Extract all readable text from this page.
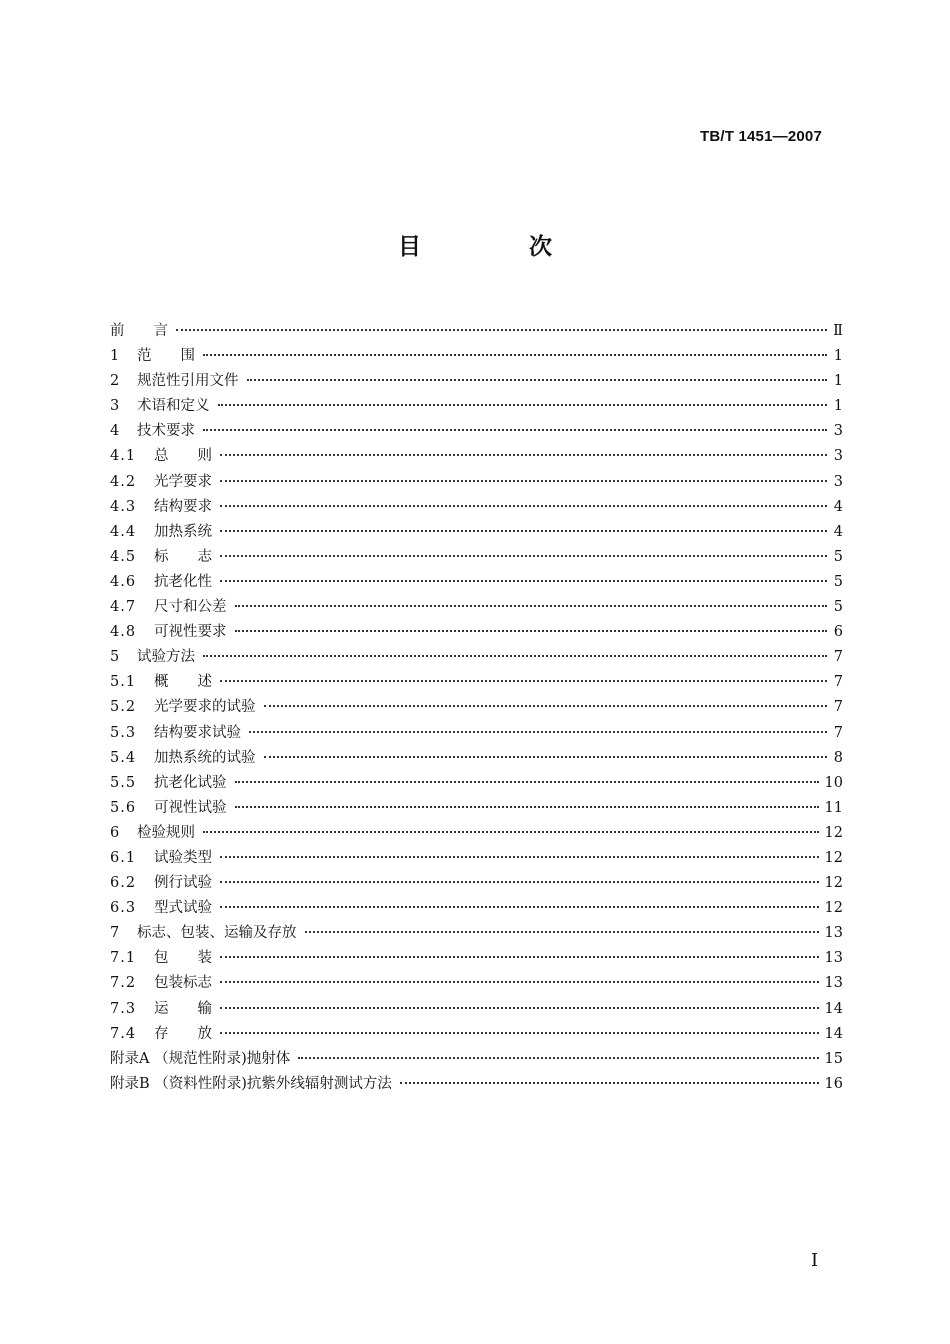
TB/T 1451—2007
目 次
前　　言	Ⅱ
1	范　　围	1
2	规范性引用文件	1
3	术语和定义	1
4	技术要求	3
4.1	总　　则	3
4.2	光学要求	3
4.3	结构要求	4
4.4	加热系统	4
4.5	标　　志	5
4.6	抗老化性	5
4.7	尺寸和公差	5
4.8	可视性要求	6
5	试验方法	7
5.1	概　　述	7
5.2	光学要求的试验	7
5.3	结构要求试验	7
5.4	加热系统的试验	8
5.5	抗老化试验	10
5.6	可视性试验	11
6	检验规则	12
6.1	试验类型	12
6.2	例行试验	12
6.3	型式试验	12
7	标志、包装、运输及存放	13
7.1	包　　装	13
7.2	包装标志	13
7.3	运　　输	14
7.4	存　　放	14
附录A （规范性附录)抛射体	15
附录B （资料性附录)抗紫外线辐射测试方法	16
I
